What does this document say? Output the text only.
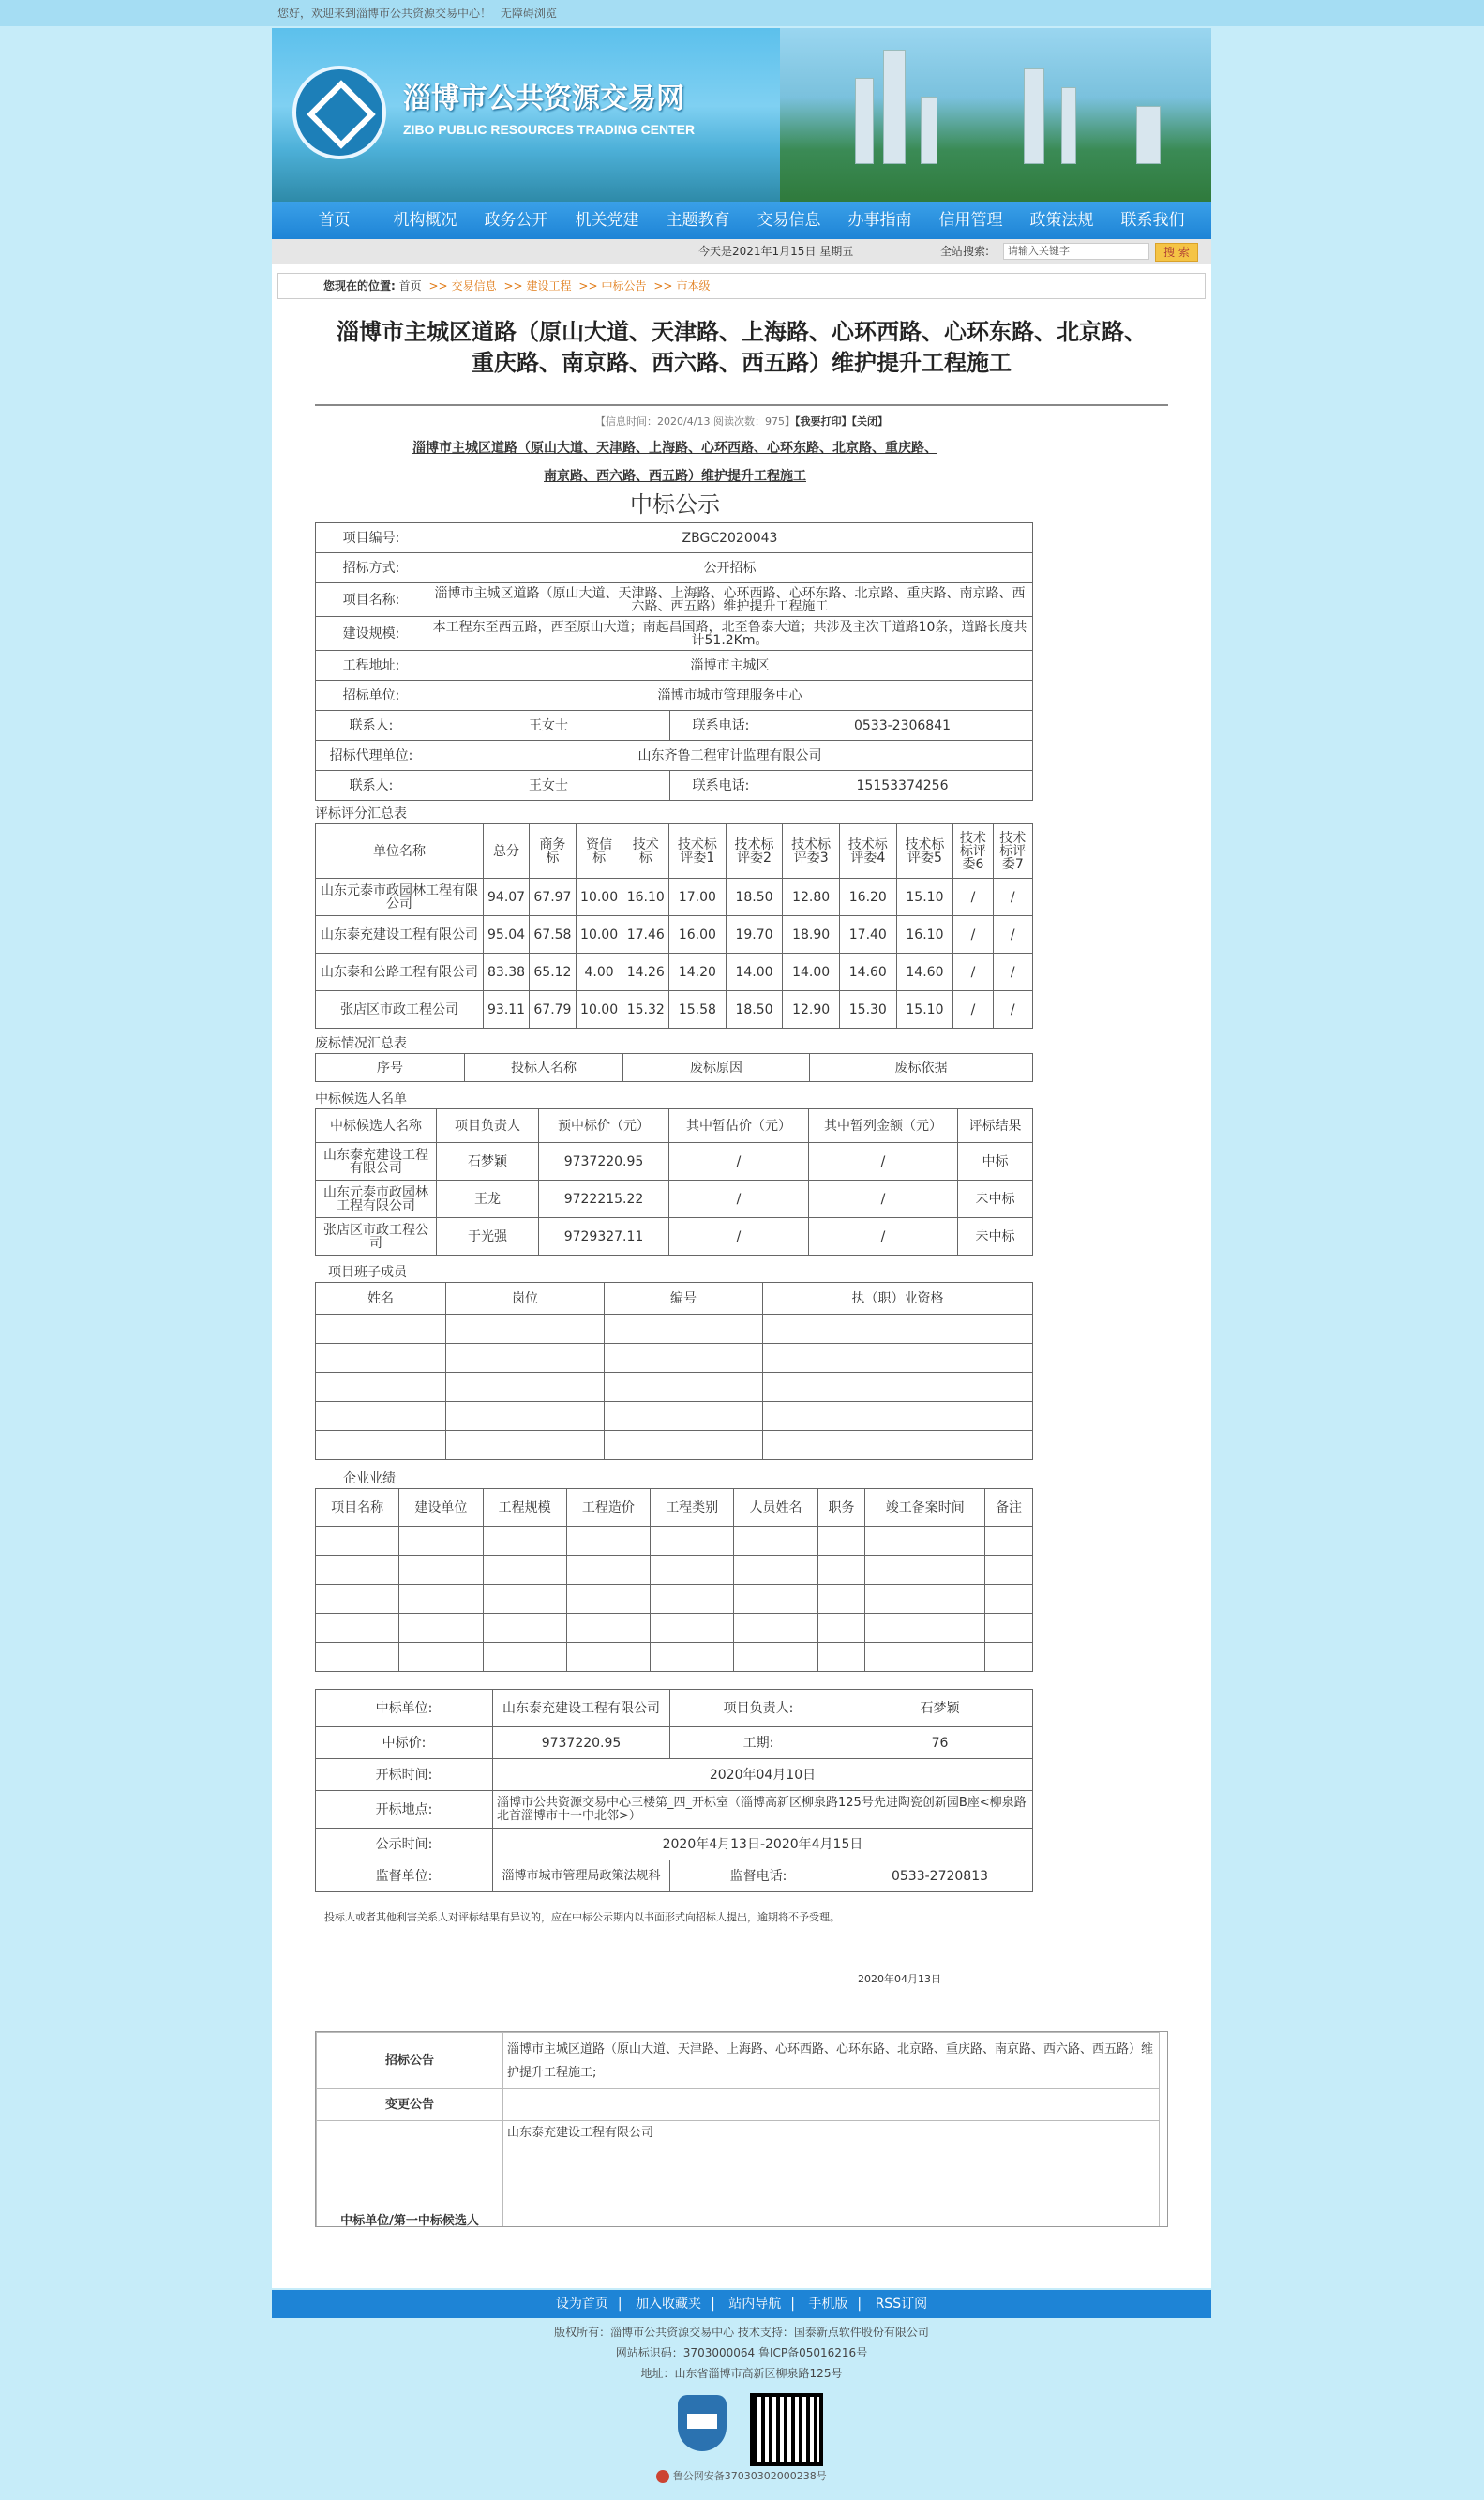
您好，欢迎来到淄博市公共资源交易中心！ 无障碍浏览
淄博市公共资源交易网
ZIBO PUBLIC RESOURCES TRADING CENTER
首页	机构概况	政务公开	机关党建	主题教育	交易信息	办事指南	信用管理	政策法规	联系我们
今天是2021年1月15日 星期五	全站搜索:	请输入关键字	搜 索
您现在的位置: 首页 >> 交易信息 >> 建设工程 >> 中标公告 >> 市本级
淄博市主城区道路（原山大道、天津路、上海路、心环西路、心环东路、北京路、重庆路、南京路、西六路、西五路）维护提升工程施工
【信息时间：2020/4/13 阅读次数：975】【我要打印】【关闭】
淄博市主城区道路（原山大道、天津路、上海路、心环西路、心环东路、北京路、重庆路、南京路、西六路、西五路）维护提升工程施工
中标公示
项目编号:	ZBGC2020043		
招标方式:	公开招标		
项目名称:	淄博市主城区道路（原山大道、天津路、上海路、心环西路、心环东路、北京路、重庆路、南京路、西六路、西五路）维护提升工程施工		
建设规模:	本工程东至西五路，西至原山大道；南起昌国路，北至鲁泰大道；共涉及主次干道路10条，道路长度共计51.2Km。		
工程地址:	淄博市主城区		
招标单位:	淄博市城市管理服务中心		
联系人:	王女士	联系电话:	0533-2306841
招标代理单位:	山东齐鲁工程审计监理有限公司		
联系人:	王女士	联系电话:	15153374256
评标评分汇总表
单位名称	总分	商务标	资信标	技术标	技术标评委1	技术标评委2	技术标评委3	技术标评委4	技术标评委5	技术标评委6	技术标评委7
山东元泰市政园林工程有限公司	94.07	67.97	10.00	16.10	17.00	18.50	12.80	16.20	15.10	/	/
山东泰充建设工程有限公司	95.04	67.58	10.00	17.46	16.00	19.70	18.90	17.40	16.10	/	/
山东泰和公路工程有限公司	83.38	65.12	4.00	14.26	14.20	14.00	14.00	14.60	14.60	/	/
张店区市政工程公司	93.11	67.79	10.00	15.32	15.58	18.50	12.90	15.30	15.10	/	/
废标情况汇总表
序号	投标人名称	废标原因	废标依据
中标候选人名单
中标候选人名称	项目负责人	预中标价（元）	其中暂估价（元）	其中暂列金额（元）	评标结果
山东泰充建设工程有限公司	石梦颖	9737220.95	/	/	中标
山东元泰市政园林工程有限公司	王龙	9722215.22	/	/	未中标
张店区市政工程公司	于光强	9729327.11	/	/	未中标
项目班子成员
姓名	岗位	编号	执（职）业资格

企业业绩
项目名称	建设单位	工程规模	工程造价	工程类别	人员姓名	职务	竣工备案时间	备注

中标单位:	山东泰充建设工程有限公司	项目负责人:	石梦颖
中标价:	9737220.95	工期:	76
开标时间:	2020年04月10日		
开标地点:	淄博市公共资源交易中心三楼第_四_开标室（淄博高新区柳泉路125号先进陶瓷创新园B座<柳泉路北首淄博市十一中北邻>）		
公示时间:	2020年4月13日-2020年4月15日		
监督单位:	淄博市城市管理局政策法规科	监督电话:	0533-2720813
投标人或者其他利害关系人对评标结果有异议的，应在中标公示期内以书面形式向招标人提出，逾期将不予受理。
2020年04月13日
招标公告	淄博市主城区道路（原山大道、天津路、上海路、心环西路、心环东路、北京路、重庆路、南京路、西六路、西五路）维护提升工程施工;
变更公告	
中标单位/第一中标候选人	山东泰充建设工程有限公司
设为首页 | 加入收藏夹 | 站内导航 | 手机版 | RSS订阅
版权所有：淄博市公共资源交易中心 技术支持：国泰新点软件股份有限公司
网站标识码：3703000064 鲁ICP备05016216号
地址：山东省淄博市高新区柳泉路125号
鲁公网安备37030302000238号
